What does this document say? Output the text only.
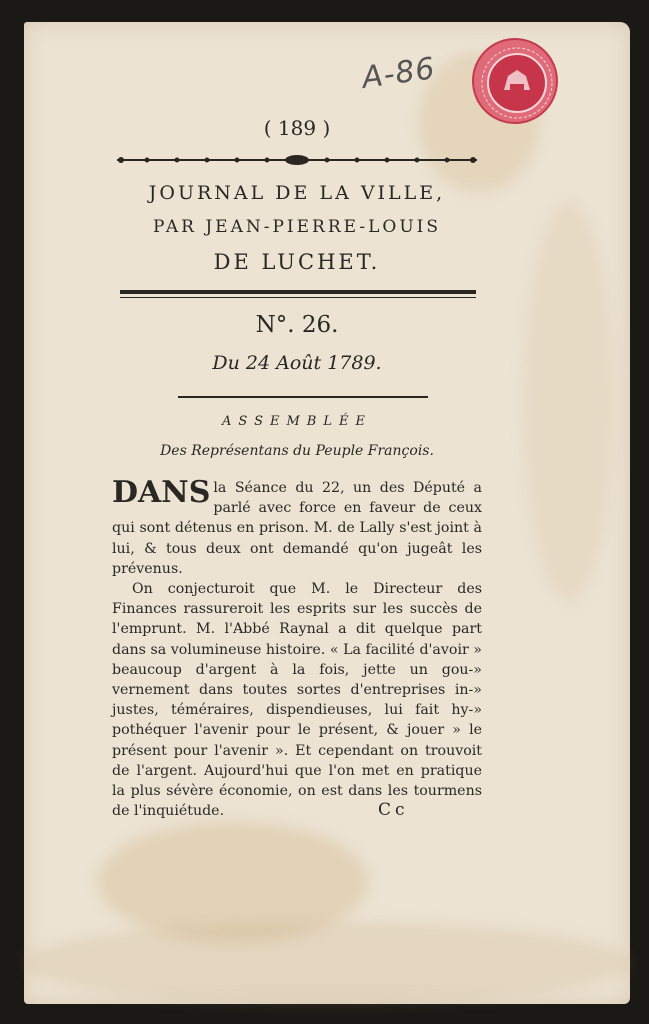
A-86
( 189 )
JOURNAL DE LA VILLE,
PAR JEAN-PIERRE-LOUIS
DE LUCHET.
N°. 26.
Du 24 Août 1789.
ASSEMBLÉE
Des Représentans du Peuple François.

DANS la Séance du 22, un des Député a parlé avec force en faveur de ceux qui sont détenus en prison. M. de Lally s'est joint à lui, & tous deux ont demandé qu'on jugeât les prévenus.

On conjecturoit que M. le Directeur des Finances rassureroit les esprits sur les succès de l'emprunt. M. l'Abbé Raynal a dit quelque part dans sa volumineuse histoire. « La facilité d'avoir » beaucoup d'argent à la fois, jette un gou-» vernement dans toutes sortes d'entreprises in-» justes, téméraires, dispendieuses, lui fait hy-» pothéquer l'avenir pour le présent, & jouer » le présent pour l'avenir ». Et cependant on trouvoit de l'argent. Aujourd'hui que l'on met en pratique la plus sévère économie, on est dans les tourmens de l'inquiétude.	Cc
